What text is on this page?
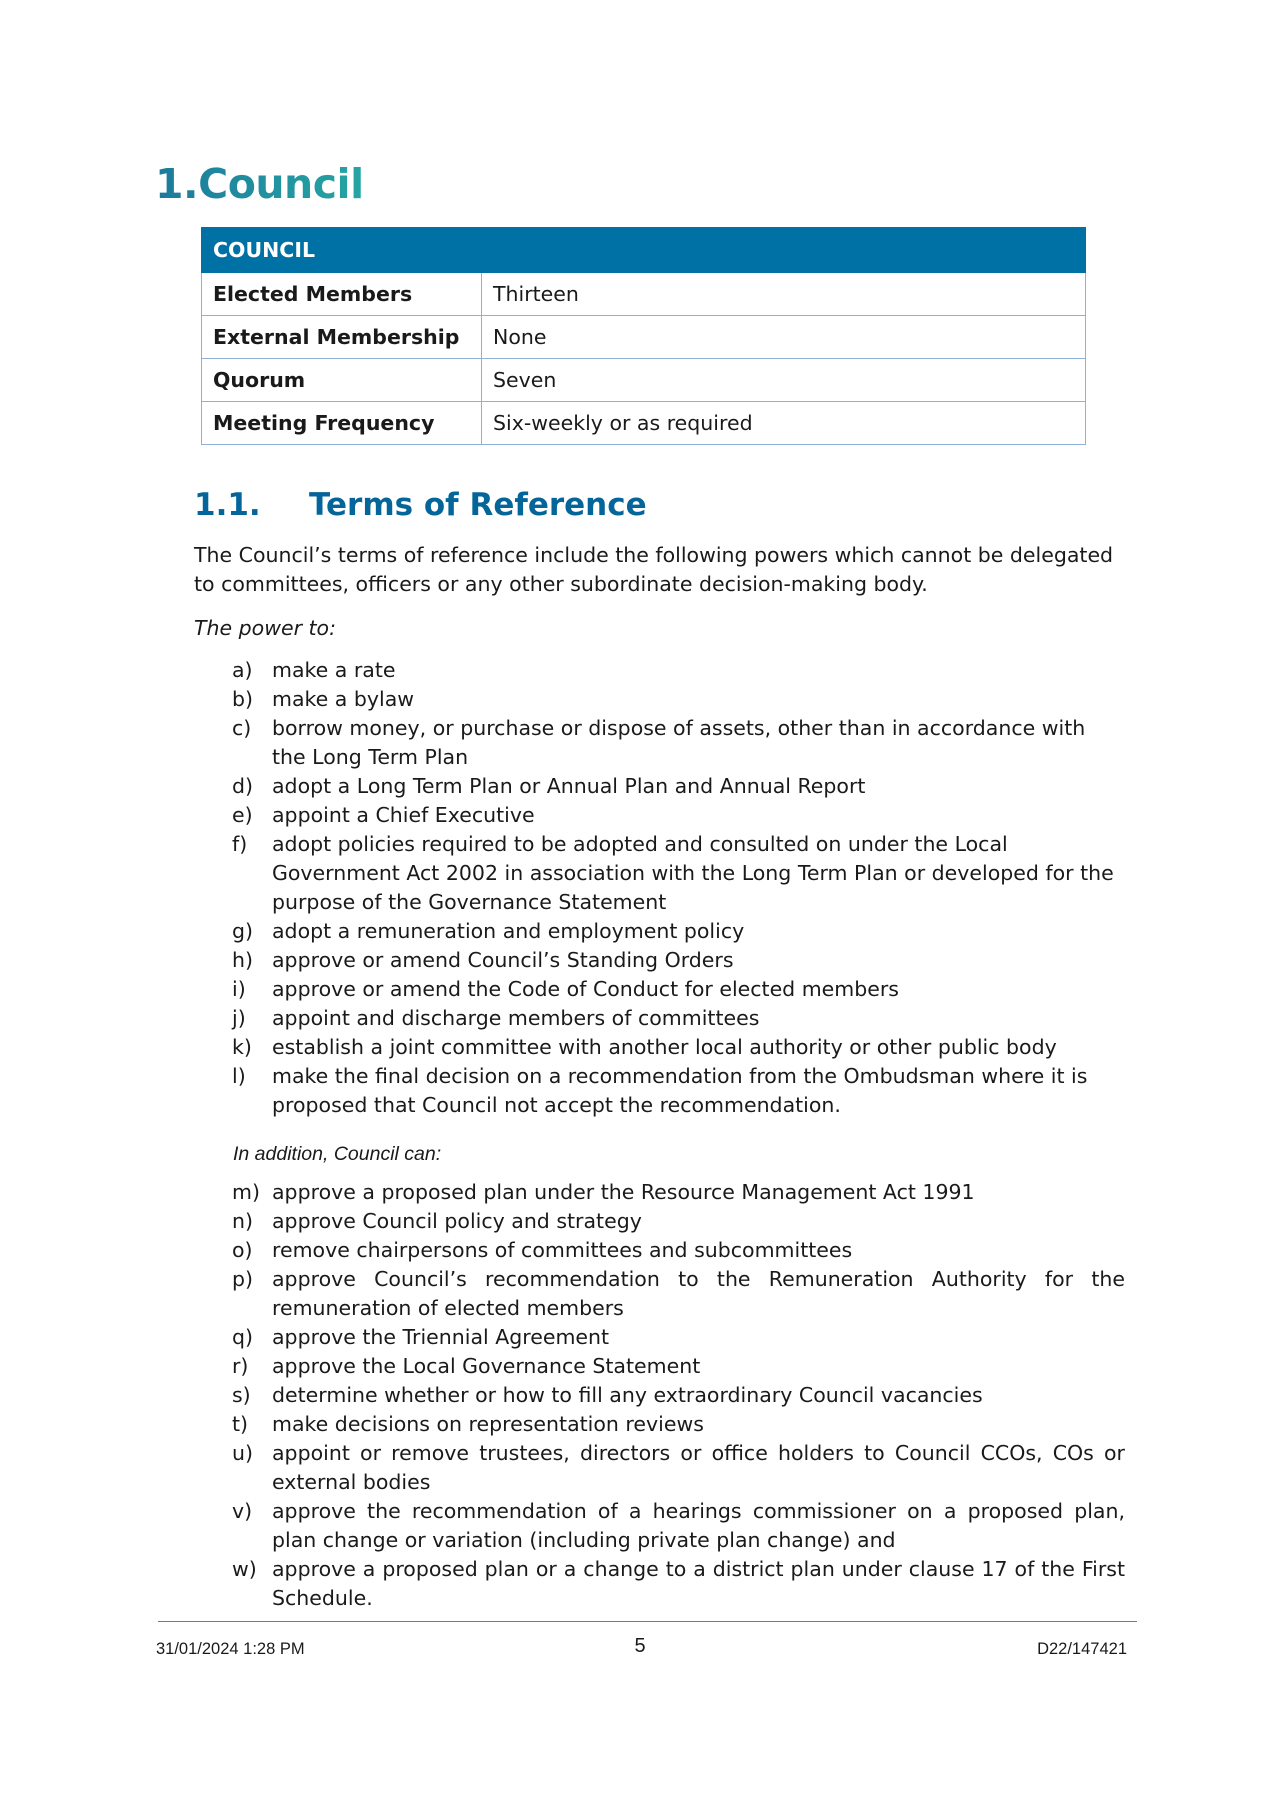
1.Council
COUNCIL	
Elected Members	Thirteen
External Membership	None
Quorum	Seven
Meeting Frequency	Six-weekly or as required
1.1. Terms of Reference

The Council’s terms of reference include the following powers which cannot be delegated to committees, officers or any other subordinate decision-making body.

The power to:

a) make a rate
b) make a bylaw
c) borrow money, or purchase or dispose of assets, other than in accordance with the Long Term Plan
d) adopt a Long Term Plan or Annual Plan and Annual Report
e) appoint a Chief Executive
f) adopt policies required to be adopted and consulted on under the Local Government Act 2002 in association with the Long Term Plan or developed for the purpose of the Governance Statement
g) adopt a remuneration and employment policy
h) approve or amend Council’s Standing Orders
i) approve or amend the Code of Conduct for elected members
j) appoint and discharge members of committees
k) establish a joint committee with another local authority or other public body
l) make the final decision on a recommendation from the Ombudsman where it is proposed that Council not accept the recommendation.

In addition, Council can:

m) approve a proposed plan under the Resource Management Act 1991
n) approve Council policy and strategy
o) remove chairpersons of committees and subcommittees
p) approve Council’s recommendation to the Remuneration Authority for the remuneration of elected members
q) approve the Triennial Agreement
r) approve the Local Governance Statement
s) determine whether or how to fill any extraordinary Council vacancies
t) make decisions on representation reviews
u) appoint or remove trustees, directors or office holders to Council CCOs, COs or external bodies
v) approve the recommendation of a hearings commissioner on a proposed plan, plan change or variation (including private plan change) and
w) approve a proposed plan or a change to a district plan under clause 17 of the First Schedule.
31/01/2024 1:28 PM	5	D22/147421
